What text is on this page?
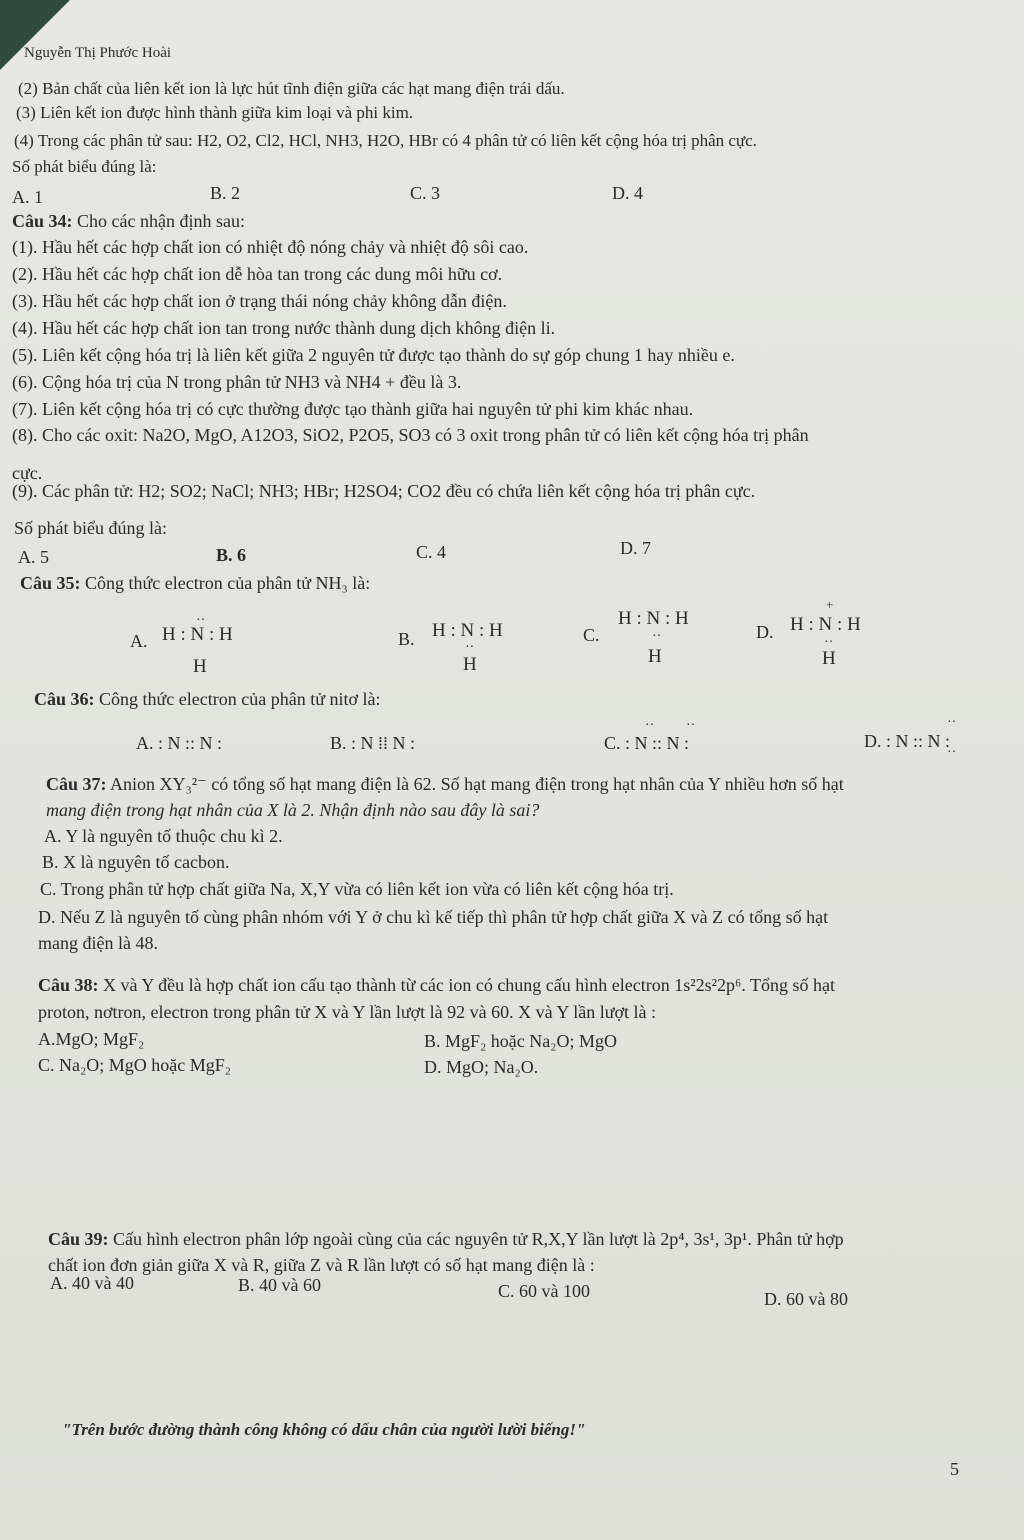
Nguyễn Thị Phước Hoài
(2) Bản chất của liên kết ion là lực hút tĩnh điện giữa các hạt mang điện trái dấu.
(3) Liên kết ion được hình thành giữa kim loại và phi kim.
(4) Trong các phân tử sau: H2, O2, Cl2, HCl, NH3, H2O, HBr có 4 phân tử có liên kết cộng hóa trị phân cực.
Số phát biểu đúng là:
A. 1	B. 2	C. 3	D. 4
Câu 34: Cho các nhận định sau:
(1). Hầu hết các hợp chất ion có nhiệt độ nóng chảy và nhiệt độ sôi cao.
(2). Hầu hết các hợp chất ion dễ hòa tan trong các dung môi hữu cơ.
(3). Hầu hết các hợp chất ion ở trạng thái nóng chảy không dẫn điện.
(4). Hầu hết các hợp chất ion tan trong nước thành dung dịch không điện li.
(5). Liên kết cộng hóa trị là liên kết giữa 2 nguyên tử được tạo thành do sự góp chung 1 hay nhiều e.
(6). Cộng hóa trị của N trong phân tử NH3 và NH4 + đều là 3.
(7). Liên kết cộng hóa trị có cực thường được tạo thành giữa hai nguyên tử phi kim khác nhau.
(8). Cho các oxit: Na2O, MgO, A12O3, SiO2, P2O5, SO3 có 3 oxit trong phân tử có liên kết cộng hóa trị phân
cực.
(9). Các phân tử: H2; SO2; NaCl; NH3; HBr; H2SO4; CO2 đều có chứa liên kết cộng hóa trị phân cực.
Số phát biểu đúng là:
A. 5	B. 6	C. 4	D. 7
Câu 35: Công thức electron của phân tử NH₃ là:
A. H : N : H
··
H
B. H : N : H
··
H
C.
H : N : H
··
H
D.
+
H : N : H
··
H
Câu 36: Công thức electron của phân tử nitơ là:
A. : N :: N :	B. : N ⁞⁞ N :	C. : N :: N :
·· ··
D. : N :: N :
··
··
Câu 37: Anion XY₃²⁻ có tổng số hạt mang điện là 62. Số hạt mang điện trong hạt nhân của Y nhiều hơn số hạt
mang điện trong hạt nhân của X là 2. Nhận định nào sau đây là sai?
A. Y là nguyên tố thuộc chu kì 2.
B. X là nguyên tố cacbon.
C. Trong phân tử hợp chất giữa Na, X,Y vừa có liên kết ion vừa có liên kết cộng hóa trị.
D. Nếu Z là nguyên tố cùng phân nhóm với Y ở chu kì kế tiếp thì phân tử hợp chất giữa X và Z có tổng số hạt
mang điện là 48.
Câu 38: X và Y đều là hợp chất ion cấu tạo thành từ các ion có chung cấu hình electron 1s²2s²2p⁶. Tổng số hạt
proton, nơtron, electron trong phân tử X và Y lần lượt là 92 và 60. X và Y lần lượt là :
A.MgO; MgF₂	B. MgF₂ hoặc Na₂O; MgO
C. Na₂O; MgO hoặc MgF₂	D. MgO; Na₂O.
Câu 39: Cấu hình electron phân lớp ngoài cùng của các nguyên tử R,X,Y lần lượt là 2p⁴, 3s¹, 3p¹. Phân tử hợp
chất ion đơn giản giữa X và R, giữa Z và R lần lượt có số hạt mang điện là :
A. 40 và 40	B. 40 và 60	C. 60 và 100	D. 60 và 80
"Trên bước đường thành công không có dấu chân của người lười biếng!"
5
